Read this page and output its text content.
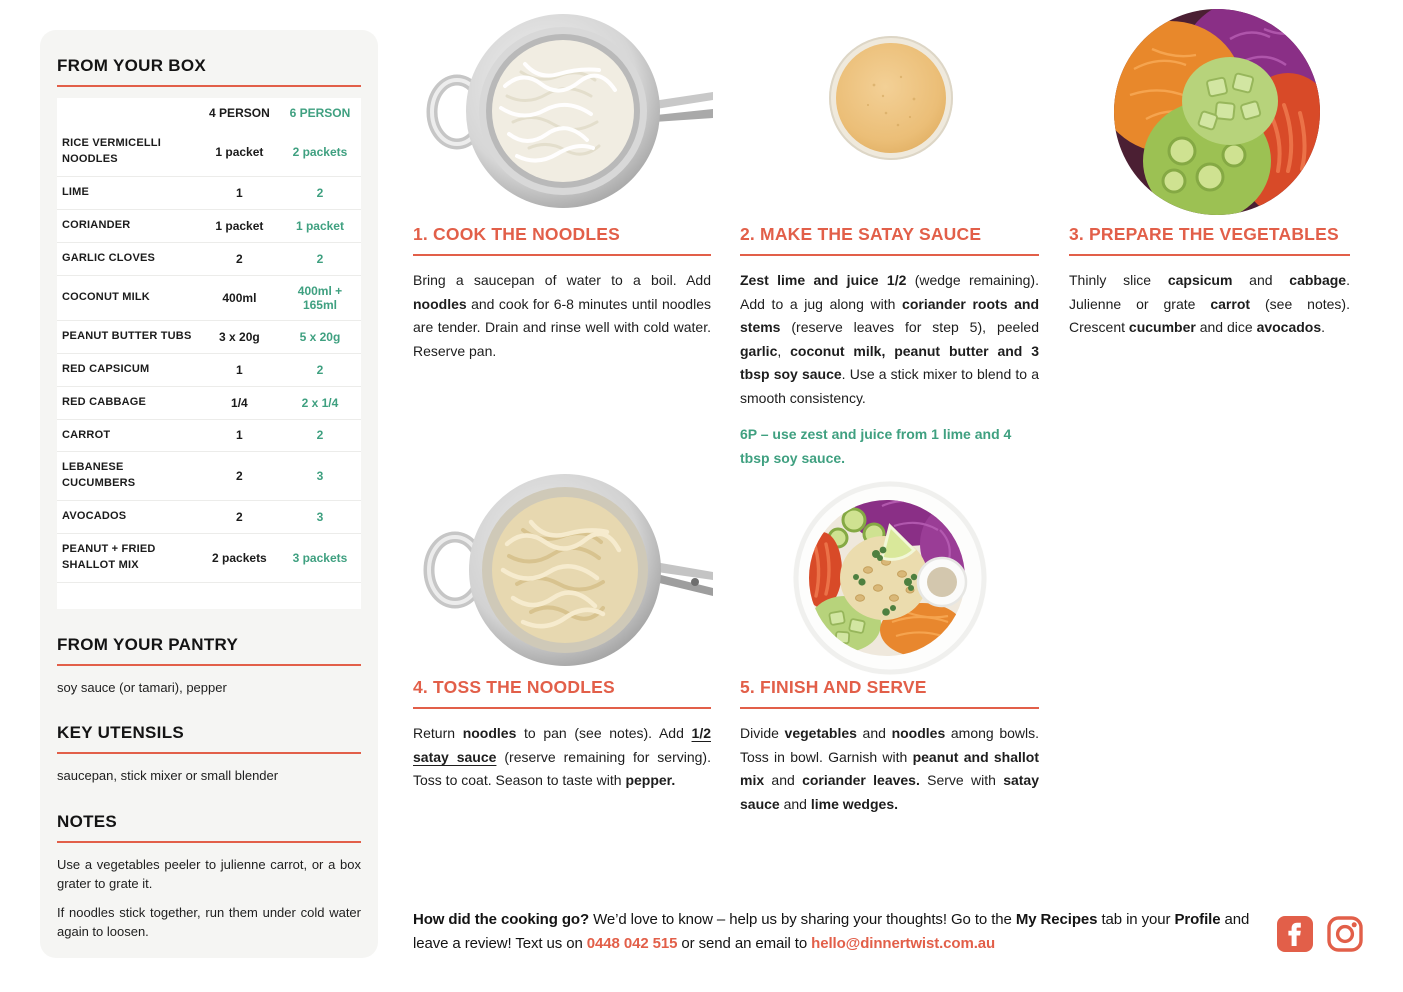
FROM YOUR BOX
	4 PERSON	6 PERSON
RICE VERMICELLI NOODLES	1 packet	2 packets
LIME	1	2
CORIANDER	1 packet	1 packet
GARLIC CLOVES	2	2
COCONUT MILK	400ml	400ml + 165ml
PEANUT BUTTER TUBS	3 x 20g	5 x 20g
RED CAPSICUM	1	2
RED CABBAGE	1/4	2 x 1/4
CARROT	1	2
LEBANESE CUCUMBERS	2	3
AVOCADOS	2	3
PEANUT + FRIED SHALLOT MIX	2 packets	3 packets

FROM YOUR PANTRY

soy sauce (or tamari), pepper

KEY UTENSILS

saucepan, stick mixer or small blender

NOTES

Use a vegetables peeler to julienne carrot, or a box grater to grate it.

If noodles stick together, run them under cold water again to loosen.

1. COOK THE NOODLES

Bring a saucepan of water to a boil. Add noodles and cook for 6-8 minutes until noodles are tender. Drain and rinse well with cold water. Reserve pan.

2. MAKE THE SATAY SAUCE

Zest lime and juice 1/2 (wedge remaining). Add to a jug along with coriander roots and stems (reserve leaves for step 5), peeled garlic, coconut milk, peanut butter and 3 tbsp soy sauce. Use a stick mixer to blend to a smooth consistency.

6P – use zest and juice from 1 lime and 4 tbsp soy sauce.

3. PREPARE THE VEGETABLES

Thinly slice capsicum and cabbage. Julienne or grate carrot (see notes). Crescent cucumber and dice avocados.

4. TOSS THE NOODLES

Return noodles to pan (see notes). Add 1/2 satay sauce (reserve remaining for serving). Toss to coat. Season to taste with pepper.

5. FINISH AND SERVE

Divide vegetables and noodles among bowls. Toss in bowl. Garnish with peanut and shallot mix and coriander leaves. Serve with satay sauce and lime wedges.

How did the cooking go? We’d love to know – help us by sharing your thoughts! Go to the My Recipes tab in your Profile and leave a review! Text us on 0448 042 515 or send an email to hello@dinnertwist.com.au
